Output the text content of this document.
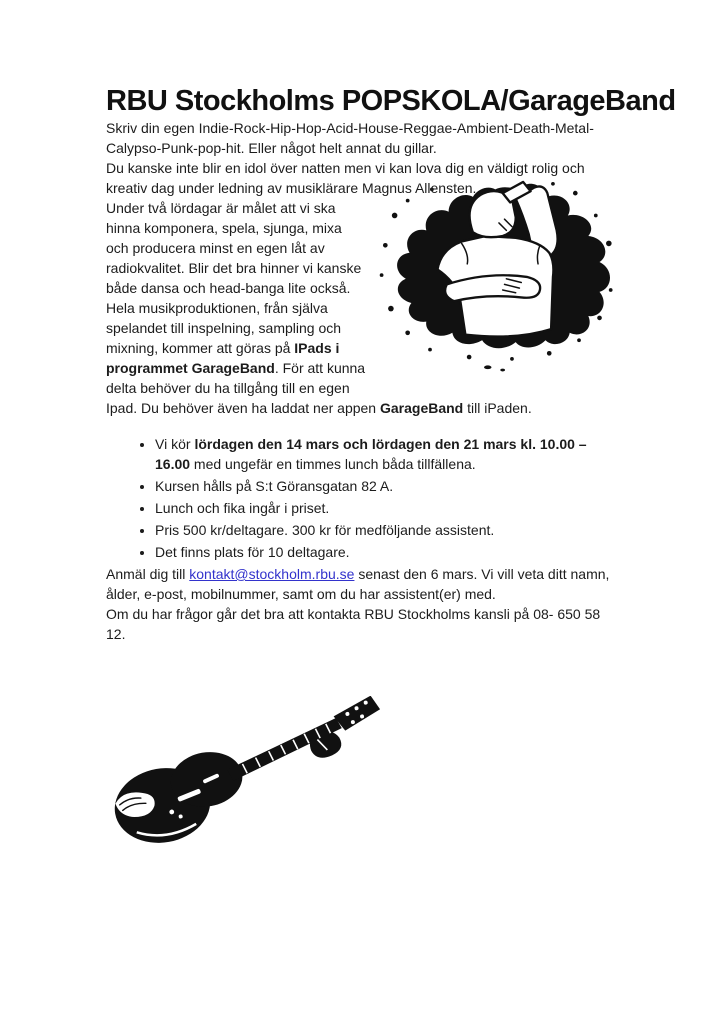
RBU Stockholms POPSKOLA/GarageBand

Skriv din egen Indie-Rock-Hip-Hop-Acid-House-Reggae-Ambient-Death-Metal-Calypso-Punk-pop-hit. Eller något helt annat du gillar.

Du kanske inte blir en idol över natten men vi kan lova dig en väldigt rolig och kreativ dag under ledning av musiklärare Magnus Allensten.

Under två lördagar är målet att vi ska hinna komponera, spela, sjunga, mixa och producera minst en egen låt av radiokvalitet. Blir det bra hinner vi kanske både dansa och head-banga lite också.

Hela musikproduktionen, från själva spelandet till inspelning, sampling och mixning, kommer att göras på IPads i programmet GarageBand. För att kunna delta behöver du ha tillgång till en egen Ipad. Du behöver även ha laddat ner appen GarageBand till iPaden.

• Vi kör lördagen den 14 mars och lördagen den 21 mars kl. 10.00 – 16.00 med ungefär en timmes lunch båda tillfällena.
• Kursen hålls på S:t Göransgatan 82 A.
• Lunch och fika ingår i priset.
• Pris 500 kr/deltagare. 300 kr för medföljande assistent.
• Det finns plats för 10 deltagare.

Anmäl dig till kontakt@stockholm.rbu.se senast den 6 mars. Vi vill veta ditt namn, ålder, e-post, mobilnummer, samt om du har assistent(er) med.
Om du har frågor går det bra att kontakta RBU Stockholms kansli på 08- 650 58 12.
